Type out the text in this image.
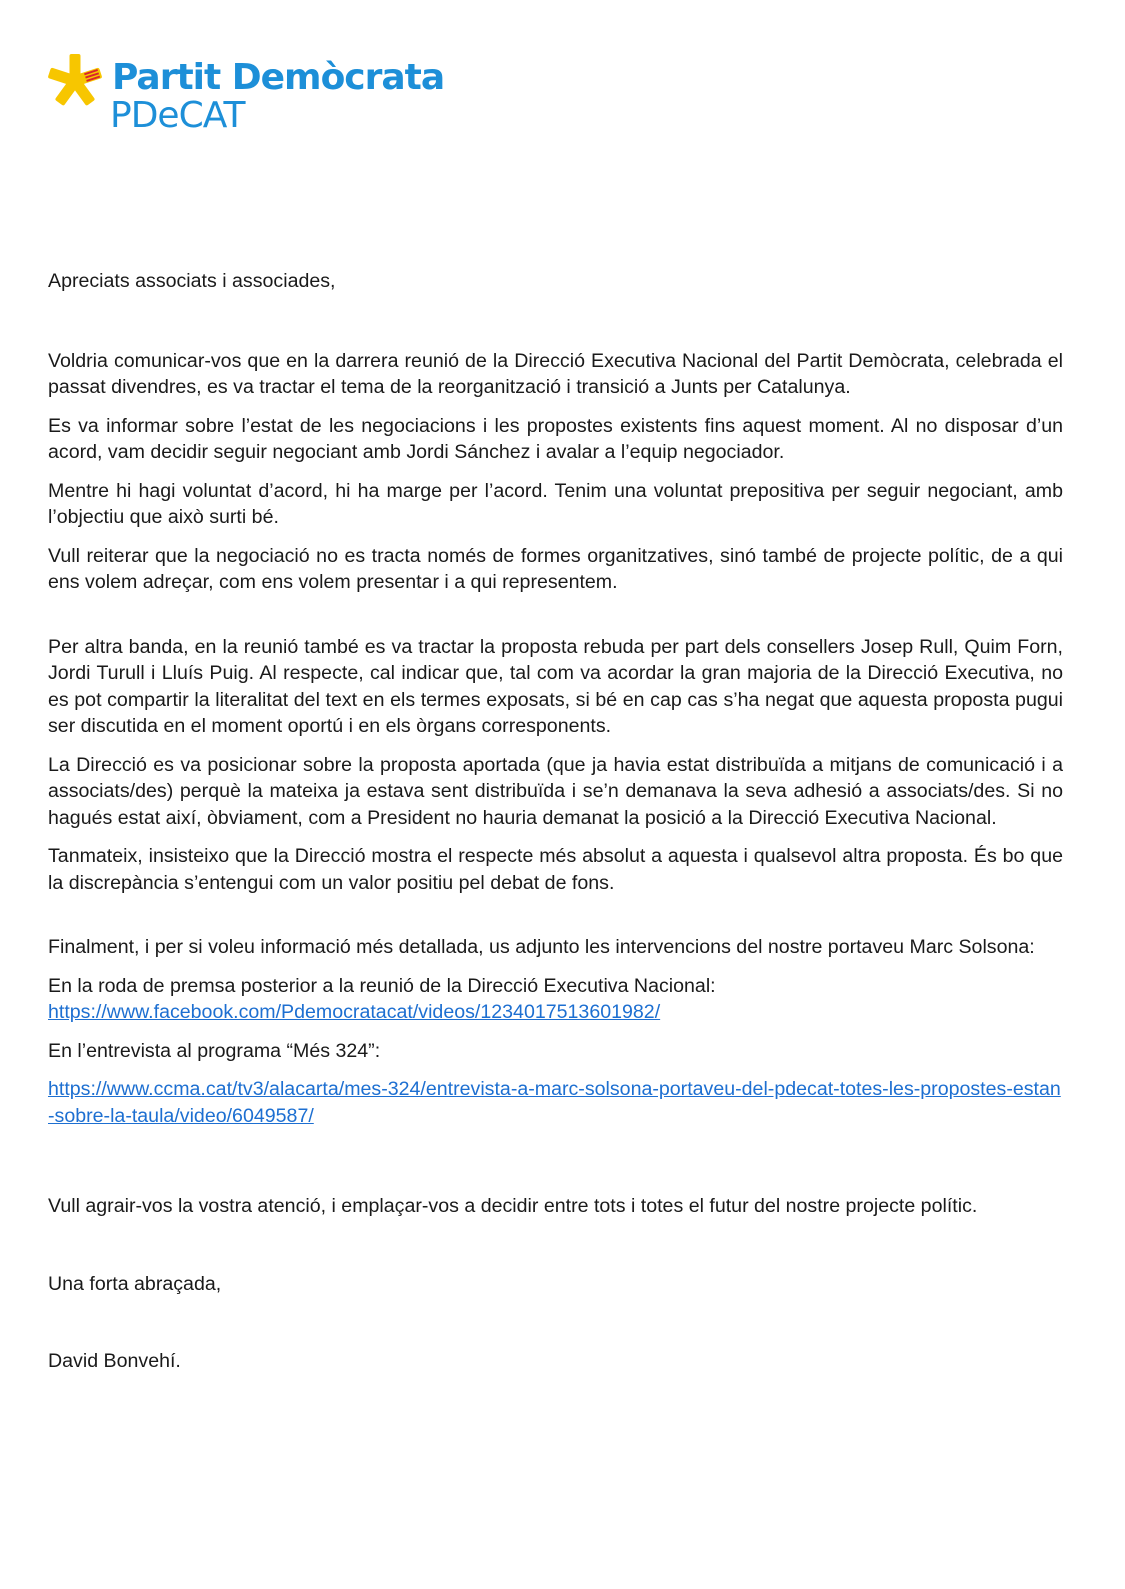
Partit Demòcrata
PDeCAT

Apreciats associats i associades,

Voldria comunicar-vos que en la darrera reunió de la Direcció Executiva Nacional del Partit Demòcrata, celebrada el passat divendres, es va tractar el tema de la reorganització i transició a Junts per Catalunya.

Es va informar sobre l’estat de les negociacions i les propostes existents fins aquest moment. Al no disposar d’un acord, vam decidir seguir negociant amb Jordi Sánchez i avalar a l’equip negociador.

Mentre hi hagi voluntat d’acord, hi ha marge per l’acord. Tenim una voluntat prepositiva per seguir negociant, amb l’objectiu que això surti bé.

Vull reiterar que la negociació no es tracta només de formes organitzatives, sinó també de projecte polític, de a qui ens volem adreçar, com ens volem presentar i a qui representem.

Per altra banda, en la reunió també es va tractar la proposta rebuda per part dels consellers Josep Rull, Quim Forn, Jordi Turull i Lluís Puig. Al respecte, cal indicar que, tal com va acordar la gran majoria de la Direcció Executiva, no es pot compartir la literalitat del text en els termes exposats, si bé en cap cas s’ha negat que aquesta proposta pugui ser discutida en el moment oportú i en els òrgans corresponents.

La Direcció es va posicionar sobre la proposta aportada (que ja havia estat distribuïda a mitjans de comunicació i a associats/des) perquè la mateixa ja estava sent distribuïda i se’n demanava la seva adhesió a associats/des. Si no hagués estat així, òbviament, com a President no hauria demanat la posició a la Direcció Executiva Nacional.

Tanmateix, insisteixo que la Direcció mostra el respecte més absolut a aquesta i qualsevol altra proposta. És bo que la discrepància s’entengui com un valor positiu pel debat de fons.

Finalment, i per si voleu informació més detallada, us adjunto les intervencions del nostre portaveu Marc Solsona:

En la roda de premsa posterior a la reunió de la Direcció Executiva Nacional:
https://www.facebook.com/Pdemocratacat/videos/1234017513601982/

En l’entrevista al programa “Més 324”:

https://www.ccma.cat/tv3/alacarta/mes-324/entrevista-a-marc-solsona-portaveu-del-pdecat-totes-les-propostes-estan-sobre-la-taula/video/6049587/

Vull agrair-vos la vostra atenció, i emplaçar-vos a decidir entre tots i totes el futur del nostre projecte polític.

Una forta abraçada,

David Bonvehí.
